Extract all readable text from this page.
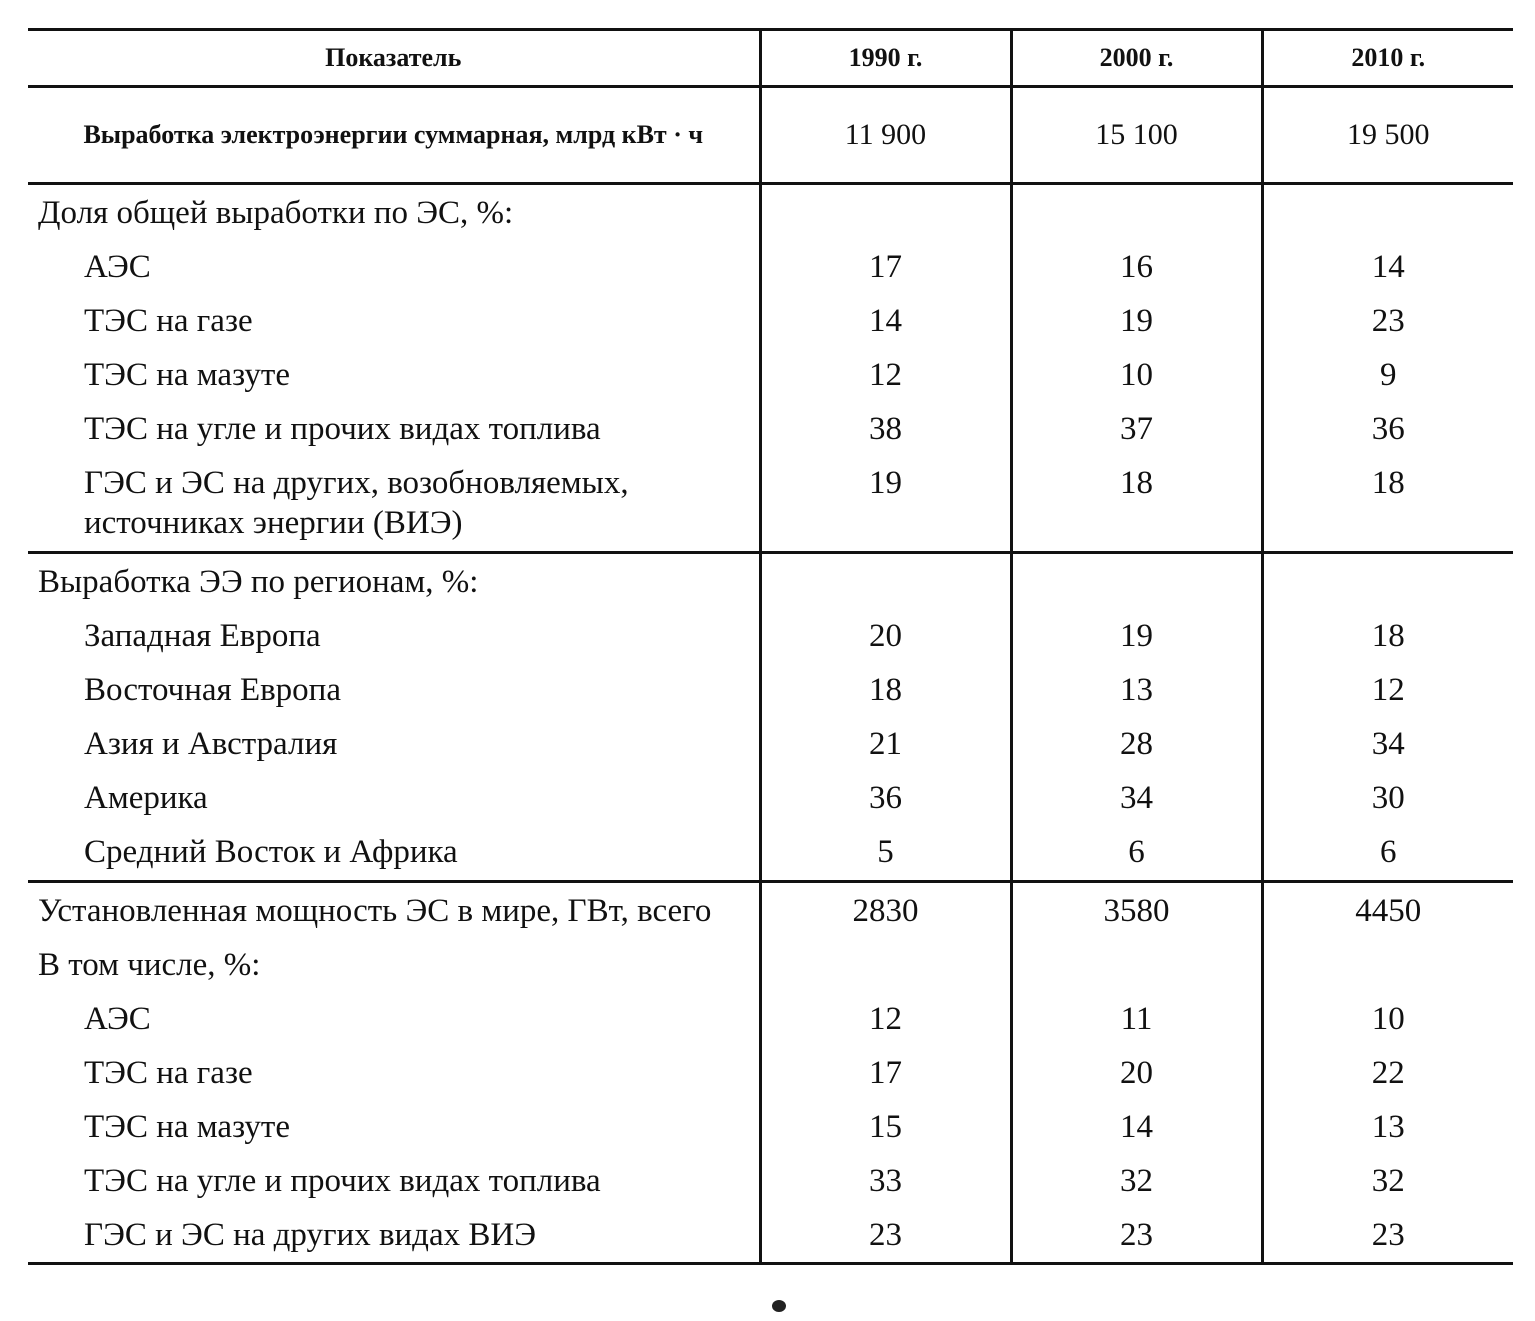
Показатель	1990 г.	2000 г.	2010 г.
Выработка электроэнергии суммарная, млрд кВт · ч	11 900	15 100	19 500
Доля общей выработки по ЭС, %:			
АЭС	17	16	14
ТЭС на газе	14	19	23
ТЭС на мазуте	12	10	9
ТЭС на угле и прочих видах топлива	38	37	36
ГЭС и ЭС на других, возобновляемых, источниках энергии (ВИЭ)	19	18	18
Выработка ЭЭ по регионам, %:			
Западная Европа	20	19	18
Восточная Европа	18	13	12
Азия и Австралия	21	28	34
Америка	36	34	30
Средний Восток и Африка	5	6	6
Установленная мощность ЭС в мире, ГВт, всего	2830	3580	4450
В том числе, %:			
АЭС	12	11	10
ТЭС на газе	17	20	22
ТЭС на мазуте	15	14	13
ТЭС на угле и прочих видах топлива	33	32	32
ГЭС и ЭС на других видах ВИЭ	23	23	23
